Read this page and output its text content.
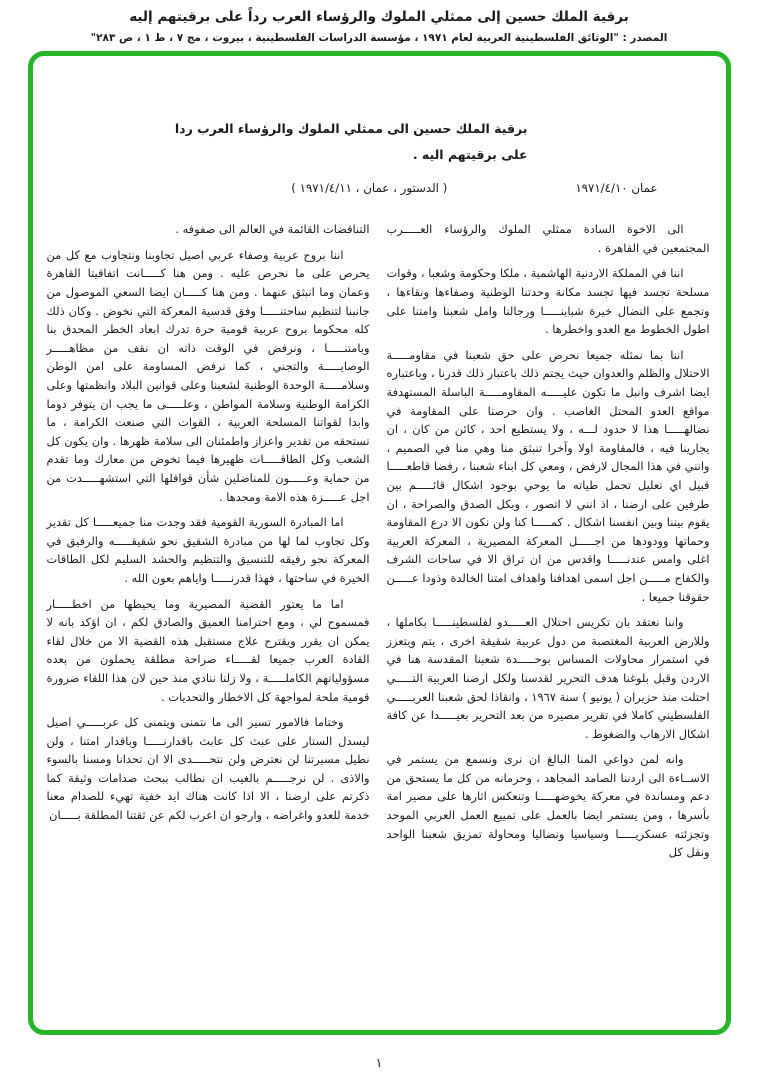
برقية الملك حسين إلى ممثلي الملوك والرؤساء العرب رداً على برقيتهم إليه
المصدر : "الوثائق الفلسطينية العربية لعام ١٩٧١ ، مؤسسة الدراسات الفلسطينية ، بيروت ، مج ٧ ، ط ١ ، ص ٢٨٣"
برقية الملك حسين الى ممثلي الملوك والرؤساء العرب ردا
على برقيتهم اليه .
عمان ١٩٧١/٤/١٠
( الدستور ، عمان ، ١٩٧١/٤/١١ )

الى الاخوة السادة ممثلي الملوك والرؤساء العـــــرب المجتمعين في القاهرة .

اننا في المملكة الاردنية الهاشمية ، ملكا وحكومة وشعبا ، وقوات مسلحة تجسد فيها تجسد مكانة وحدتنا الوطنية وصفاءها ونقاءها ، وتجمع على النضال خيرة شبابنـــــا ورجالنا وامل شعبنا وامتنا على اطول الخطوط مع العدو واخطرها .

اننا بما نمثله جميعا نحرص على حق شعبنا في مقاومـــــة الاحتلال والظلم والعدوان حيث يجتم ذلك باعتبار ذلك قدرنا ، وباعتباره ايضا اشرف وانبل ما تكون عليـــــه المقاومـــــة الباسلة المستهدفة مواقع العدو المحتل الغاصب . وان حرصنا على المقاومة في نضالهـــــا هذا لا حدود لـــه ، ولا يستطيع احد ، كائن من كان ، ان يجارينا فيه ، فالمقاومة اولا وآخرا تنبثق منا وهي منا في الصميم ، وانني في هذا المجال لارفض ، ومعي كل ابناء شعبنا ، رفضا قاطعـــــا قبيل اي تعليل تحمل طياته ما يوحي بوجود اشكال قائـــــم بين طرفين على ارضنا ، اذ انني لا اتصور ، وبكل الصدق والصراحة ، ان يقوم بيننا وبين انفسنا اشكال . كمـــــا كنا ولن نكون الا درع المقاومة وحماتها وودودها من اجـــــل المعركة المصيرية ، المعركة العربية اغلى وامس عندنـــــا واقدس من ان تراق الا في ساحات الشرف والكفاح مـــــن اجل اسمى اهدافنا واهداف امتنا الخالدة وذودا عـــــن حقوقنا جميعا .

واننا نعتقد بان تكريس احتلال العـــــدو لفلسطينـــــا بكاملها ، وللارض العربية المغتصبة من دول عربية شقيقة اخرى ، يتم ويتعزز في استمرار محاولات المساس بوحـــــدة شعبنا المقدسة هنا في الاردن وقبل بلوغنا هدف التحرير لقدسنا ولكل ارضنا العربية التـــــي احتلت منذ حزيران ( يونيو ) سنة ١٩٦٧ ، وانقاذا لحق شعبنا العربـــــي الفلسطيني كاملا في تقرير مصيره من بعد التحرير بعيـــــدا عن كافة اشكال الارهاب والضغوط .

وانه لمن دواعي المنا البالغ ان نرى ونسمع من يستمر في الاســاءة الى اردننا الصامد المجاهد ، وحرمانه من كل ما يستحق من دعم ومساندة في معركة يخوضهـــــا وتنعكس اثارها على مصير امة بأسرها ، ومن يستمر ايضا بالعمل على تمييع العمل العربي الموحد وتجزئته عسكريـــــا وسياسيا ونضاليا ومحاولة تمزيق شعبنا الواحد ونقل كل

التناقضات القائمة في العالم الى صفوفه .

اننا بروح عربية وصفاء عربي اصيل تجاوبنا ونتجاوب مع كل من يحرص على ما نحرص عليه . ومن هنا كـــــانت اتفاقيتا القاهرة وعمان وما انبثق عنهما . ومن هنا كـــــان ايضا السعي الموصول من جانبنا لتنظيم ساحتنـــــا وفق قدسية المعركة التي نخوض . وكان ذلك كله محكوما بروح عربية قومية حرة تدرك ابعاد الخطر المحدق بنا وبامتنـــــا ، ونرفض في الوقت ذاته ان نقف من مظاهـــــر الوصايـــــة والتجني ، كما نرفض المساومة على امن الوطن وسلامـــــة الوحدة الوطنية لشعبنا وعلى قوانين البلاد وانظمتها وعلى الكرامة الوطنية وسلامة المواطن ، وعلـــــى ما يجب ان يتوفر دوما وابدا لقواتنا المسلحة العربية ، القوات التي صنعت الكرامة ، ما تستحقه من تقدير واعزاز واطمئنان الى سلامة ظهرها . وان يكون كل الشعب وكل الطاقـــــات ظهيرها فيما تخوض من معارك وما تقدم من حماية وعـــــون للمناضلين شأن قوافلها التي استشهـــــدت من اجل عـــــزة هذه الامة ومجدها .

اما المبادرة السورية القومية فقد وجدت منا جميعـــــا كل تقدير وكل تجاوب لما لها من مبادرة الشقيق نحو شقيقـــــه والرفيق في المعركة نحو رفيقه للتنسيق والتنظيم والحشد السليم لكل الطاقات الخيرة في ساحتها ، فهذا قدرنـــــا واياهم بعون الله .

اما ما يعتور القضية المصيرية وما يحيطها من اخطـــــار فمسموح لي ، ومع احترامنا العميق والصادق لكم ، ان اؤكد بانه لا يمكن ان يقرر ويقترح علاج مستقبل هذه القضية الا من خلال لقاء القادة العرب جميعا لقـــــاء صراحة مطلقة يحملون من بعده مسؤولياتهم الكاملـــــة ، ولا زلنا ننادي منذ حين لان هذا اللقاء ضرورة قومية ملحة لمواجهة كل الاخطار والتحديات .

وختاما فالامور تسير الى ما نتمنى ويتمنى كل عربـــــي اصيل ليسدل الستار على عبث كل عابث باقدارنـــــا وباقدار امتنا ، ولن نطيل مسيرتنا لن نعترض ولن نتحـــــدى الا ان تحدانا ومسنا بالسوء والاذى . لن نرجـــــم بالغيب ان نطالب ببحث صدامات وثيقة كما ذكرتم على ارضنا ، الا اذا كانت هناك ايد خفية تهيء للصدام معنا خدمة للعدو واغراضه ، وارجو ان اعرب لكم عن ثقتنا المطلقة بـــــان

١
